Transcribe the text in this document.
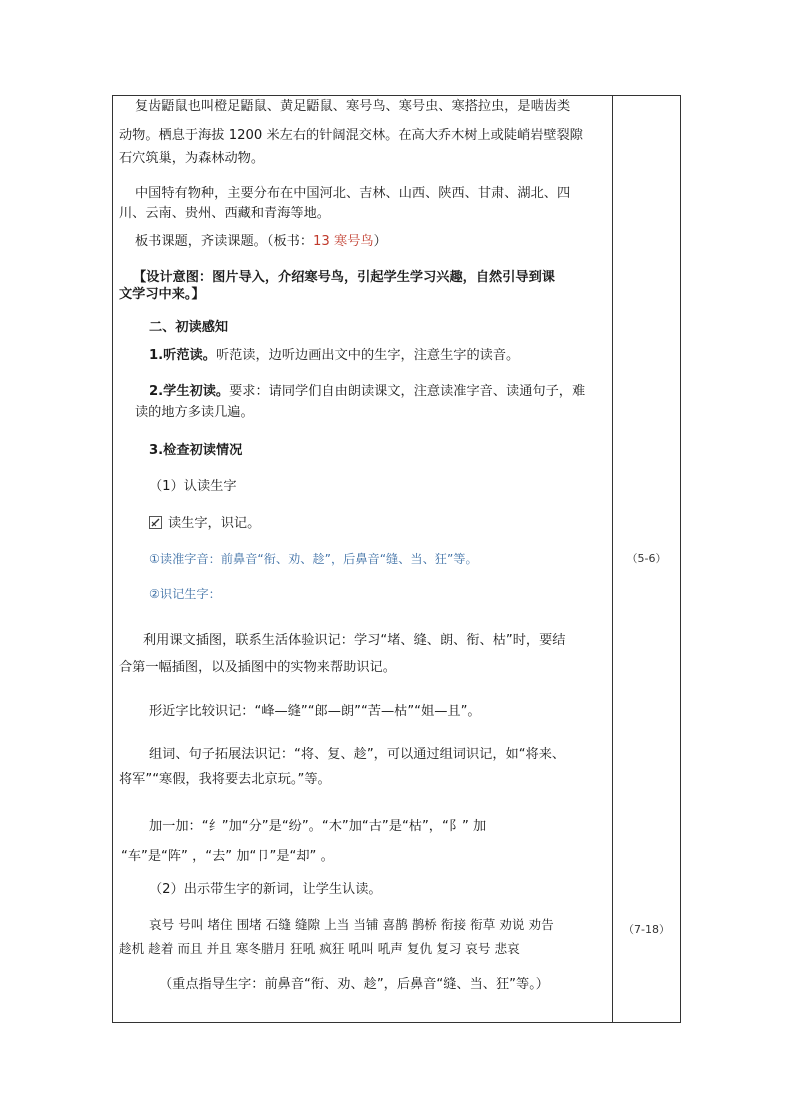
复齿鼯鼠也叫橙足鼯鼠、黄足鼯鼠、寒号鸟、寒号虫、寒搭拉虫，是啮齿类
动物。栖息于海拔 1200 米左右的针阔混交林。在高大乔木树上或陡峭岩壁裂隙
石穴筑巢，为森林动物。
中国特有物种，主要分布在中国河北、吉林、山西、陕西、甘肃、湖北、四
川、云南、贵州、西藏和青海等地。
板书课题，齐读课题。（板书：13 寒号鸟）
【设计意图：图片导入，介绍寒号鸟，引起学生学习兴趣，自然引导到课
文学习中来。】
二、初读感知
1.听范读。听范读，边听边画出文中的生字，注意生字的读音。
2.学生初读。要求：请同学们自由朗读课文，注意读准字音、读通句子，难
读的地方多读几遍。
3.检查初读情况
（1）认读生字
读生字，识记。
①读准字音：前鼻音“衔、劝、趁”，后鼻音“缝、当、狂”等。
②识记生字：
利用课文插图，联系生活体验识记：学习“堵、缝、朗、衔、枯”时，要结
合第一幅插图，以及插图中的实物来帮助识记。
形近字比较识记：“峰—缝”“郎—朗”“苦—枯”“姐—且”。
组词、句子拓展法识记：“将、复、趁”，可以通过组词识记，如“将来、
将军”“寒假，我将要去北京玩。”等。
加一加：“纟”加“分”是“纷”。“木”加“古”是“枯”，“阝” 加
“车”是“阵” ，“去” 加“卩”是“却” 。
（2）出示带生字的新词，让学生认读。
哀号 号叫 堵住 围堵 石缝 缝隙 上当 当铺 喜鹊 鹊桥 衔接 衔草 劝说 劝告
趁机 趁着 而且 并且 寒冬腊月 狂吼 疯狂 吼叫 吼声 复仇 复习 哀号 悲哀
（重点指导生字：前鼻音“衔、劝、趁”，后鼻音“缝、当、狂”等。）
（5-6）
（7-18）
